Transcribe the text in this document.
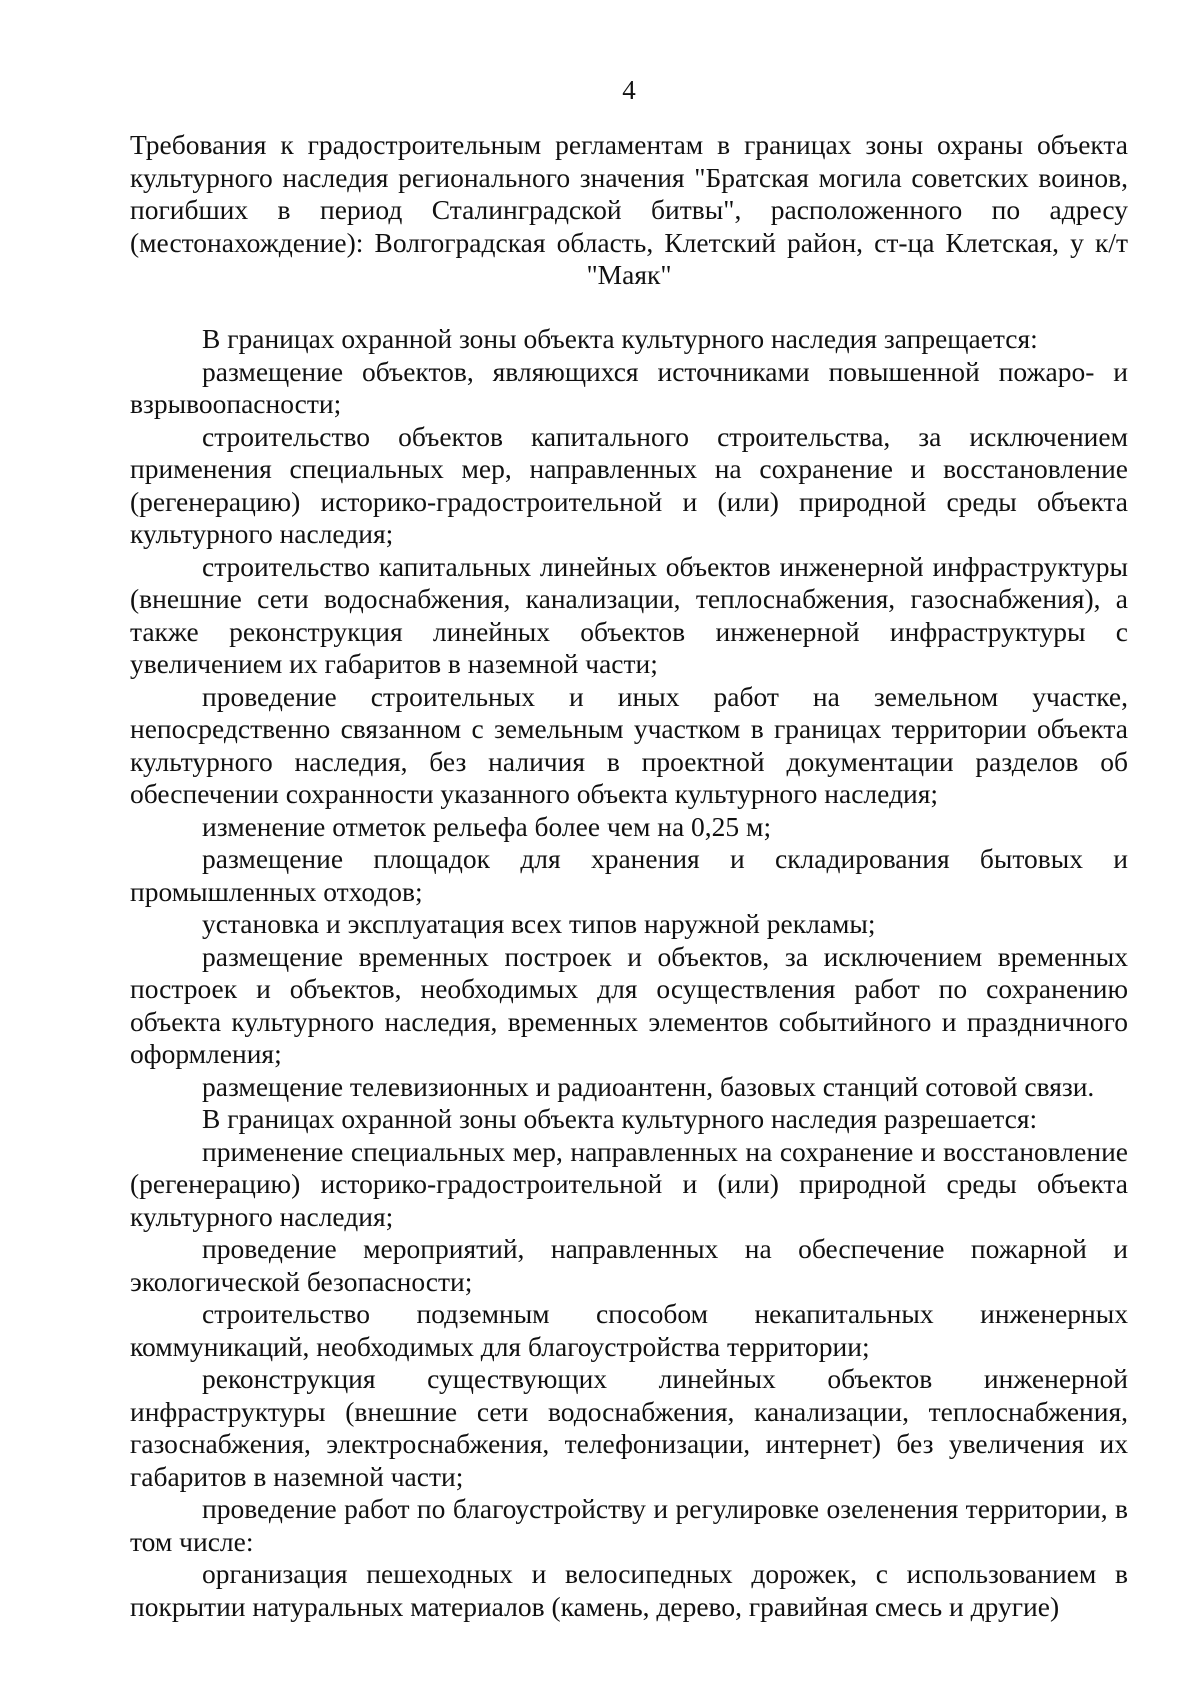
4
Требования к градостроительным регламентам в границах зоны охраны объекта культурного наследия регионального значения "Братская могила советских воинов, погибших в период Сталинградской битвы", расположенного по адресу (местонахождение): Волгоградская область, Клетский район, ст-ца Клетская, у к/т "Маяк"

В границах охранной зоны объекта культурного наследия запрещается:

размещение объектов, являющихся источниками повышенной пожаро- и взрывоопасности;

строительство объектов капитального строительства, за исключением применения специальных мер, направленных на сохранение и восстановление (регенерацию) историко-градостроительной и (или) природной среды объекта культурного наследия;

строительство капитальных линейных объектов инженерной инфраструктуры (внешние сети водоснабжения, канализации, теплоснабжения, газоснабжения), а также реконструкция линейных объектов инженерной инфраструктуры с увеличением их габаритов в наземной части;

проведение строительных и иных работ на земельном участке, непосредственно связанном с земельным участком в границах территории объекта культурного наследия, без наличия в проектной документации разделов об обеспечении сохранности указанного объекта культурного наследия;

изменение отметок рельефа более чем на 0,25 м;

размещение площадок для хранения и складирования бытовых и промышленных отходов;

установка и эксплуатация всех типов наружной рекламы;

размещение временных построек и объектов, за исключением временных построек и объектов, необходимых для осуществления работ по сохранению объекта культурного наследия, временных элементов событийного и праздничного оформления;

размещение телевизионных и радиоантенн, базовых станций сотовой связи.

В границах охранной зоны объекта культурного наследия разрешается:

применение специальных мер, направленных на сохранение и восстановление (регенерацию) историко-градостроительной и (или) природной среды объекта культурного наследия;

проведение мероприятий, направленных на обеспечение пожарной и экологической безопасности;

строительство подземным способом некапитальных инженерных коммуникаций, необходимых для благоустройства территории;

реконструкция существующих линейных объектов инженерной инфраструктуры (внешние сети водоснабжения, канализации, теплоснабжения, газоснабжения, электроснабжения, телефонизации, интернет) без увеличения их габаритов в наземной части;

проведение работ по благоустройству и регулировке озеленения территории, в том числе:

организация пешеходных и велосипедных дорожек, с использованием в покрытии натуральных материалов (камень, дерево, гравийная смесь и другие)
